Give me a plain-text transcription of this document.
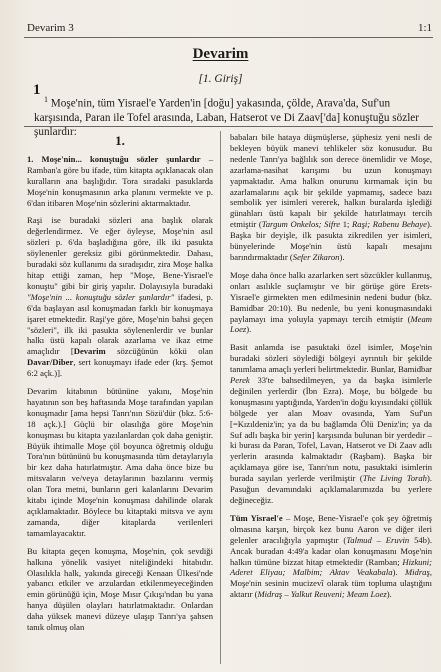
Devarim 3	1:1
Devarim
[1. Giriş]
1
$^1$ Moşe'nin, tüm Yisrael'e Yarden'in [doğu] yakasında, çölde, Arava'da, Suf'un karşısında, Paran ile Tofel arasında, Laban, Hatserot ve Di Zaav['da] konuştuğu sözler şunlardır:
1.

1. Moşe'nin... konuştuğu sözler şunlardır – Ramban'a göre bu ifade, tüm kitapta açıklanacak olan kuralların ana başlığıdır. Tora sıradaki pasuklarda Moşe'nin konuşmasının arka planını vermekte ve p. 6'dan itibaren Moşe'nin sözlerini aktarmaktadır.

Raşi ise buradaki sözleri ana başlık olarak değerlendirmez. Ve eğer öyleyse, Moşe'nin asıl sözleri p. 6'da başladığına göre, ilk iki pasukta söylenenler gereksiz gibi görünmektedir. Dahası, buradaki söz kullanımı da sıradışıdır, zira Moşe halka hitap ettiği zaman, hep "Moşe, Bene-Yisrael'e konuştu" gibi bir giriş yapılır. Dolayısıyla buradaki "Moşe'nin ... konuştuğu sözler şunlardır" ifadesi, p. 6'da başlayan asıl konuşmadan farklı bir konuşmaya işaret etmektedir. Raşi'ye göre, Moşe'nin bahsi geçen "sözleri", ilk iki pasukta söylenenlerdir ve bunlar halkı üstü kapalı olarak azarlama ve ikaz etme amaçlıdır [Devarim sözcüğünün kökü olan Davar/Diber, sert konuşmayı ifade eder (krş. Şemot 6:2 açk.)].

Devarim kitabının bütününe yakını, Moşe'nin hayatının son beş haftasında Moşe tarafından yapılan konuşmadır [ama hepsi Tanrı'nın Sözü'dür (bkz. 5:6-18 açk.).] Güçlü bir olasılığa göre Moşe'nin konuşması bu kitapta yazılanlardan çok daha geniştir. Büyük ihtimalle Moşe çöl boyunca öğretmiş olduğu Tora'nın bütününü bu konuşmasında tüm detaylarıyla bir kez daha hatırlatmıştır. Ama daha önce bize bu mitsvaların ve/veya detaylarının bazılarını vermiş olan Tora metni, bunların geri kalanlarını Devarim kitabı içinde Moşe'nin konuşması dahilinde olarak açıklamaktadır. Böylece bu kitaptaki mitsva ve aynı zamanda, diğer kitaplarda verilenleri tamamlayacaktır.

Bu kitapta geçen konuşma, Moşe'nin, çok sevdiği halkına yönelik vasiyet niteliğindeki hitabıdır. Olasılıkla halk, yakında gireceği Kenaan Ülkesi'nde yabancı etkiler ve arzulardan etkilenmeyeceğinden emin görünüğü için, Moşe Mısır Çıkışı'ndan bu yana hanya düşülen olayları hatırlatmaktadır. Onlardan daha yüksek manevi düzeye ulaşıp Tanrı'ya şahsen tanık olmuş olan

babaları bile hataya düşmüşlerse, şüphesiz yeni nesli de bekleyen büyük manevi tehlikeler söz konusudur. Bu nedenle Tanrı'ya bağlılık son derece önemlidir ve Moşe, azarlama-nasihat karışımı bu uzun konuşmayı yapmaktadır. Ama halkın onurunu kırmamak için bu azarlamalarını açık bir şekilde yapmamış, sadece bazı sembolik yer isimleri vererek, halkın buralarda işlediği günahları üstü kapalı bir şekilde hatırlatmayı tercih etmiştir (Targum Onkelos; Sifre 1; Raşi; Rabenu Behaye). Başka bir deyişle, ilk pasukta zikredilen yer isimleri, bünyelerinde Moşe'nin üstü kapalı mesajını barındırmaktadır (Sefer Zikaron).

Moşe daha önce halkı azarlarken sert sözcükler kullanmış, onları asılıkle suçlamıştır ve bir görüşe göre Erets-Yisrael'e girmekten men edilmesinin nedeni budur (bkz. Bamidbar 20:10). Bu nedenle, bu yeni konuşmasındaki paylamayı ima yoluyla yapmayı tercih etmiştir (Meam Loez).

Basit anlamda ise pasuktaki özel isimler, Moşe'nin buradaki sözleri söylediği bölgeyi ayrıntılı bir şekilde tanımlama amaçlı yerleri belirtmektedir. Bunlar, Bamidbar Perek 33'te bahsedilmeyen, ya da başka isimlerle değinilen yerlerdir (İbn Ezra). Moşe, bu bölgede bu konuşmasını yaptığında, Yarden'in doğu kıyısındaki çöllük bölgede yer alan Moav ovasında, Yam Suf'un [=Kızıldeniz'in; ya da bu bağlamda Ölü Deniz'in; ya da Suf adlı başka bir yerin] karşısında bulunan bir yerdedir – ki burası da Paran, Tofel, Lavan, Hatserot ve Di Zaav adlı yerlerin arasında kalmaktadır (Raşbam). Başka bir açıklamaya göre ise, Tanrı'nın notu, pasuktaki isimlerin burada sayılan yerlerde verilmiştir (The Living Torah). Pasuğun devamındaki açıklamalarımızda bu yerlere değineceğiz.

Tüm Yisrael'e – Moşe, Bene-Yisrael'e çok şey öğretmiş olmasına karşın, birçok kez bunu Aaron ve diğer ileri gelenler aracılığıyla yapmıştır (Talmud – Eruvin 54b). Ancak buradan 4:49'a kadar olan konuşmasını Moşe'nin halkın tümüne bizzat hitap etmektedir (Ramban; Hizkuni; Aderet Eliyau; Malbim; Aktav Veakabala). Midraş, Moşe'nin sesinin mucizevî olarak tüm topluma ulaştığını aktarır (Midraş – Yalkut Reuveni; Meam Loez).
